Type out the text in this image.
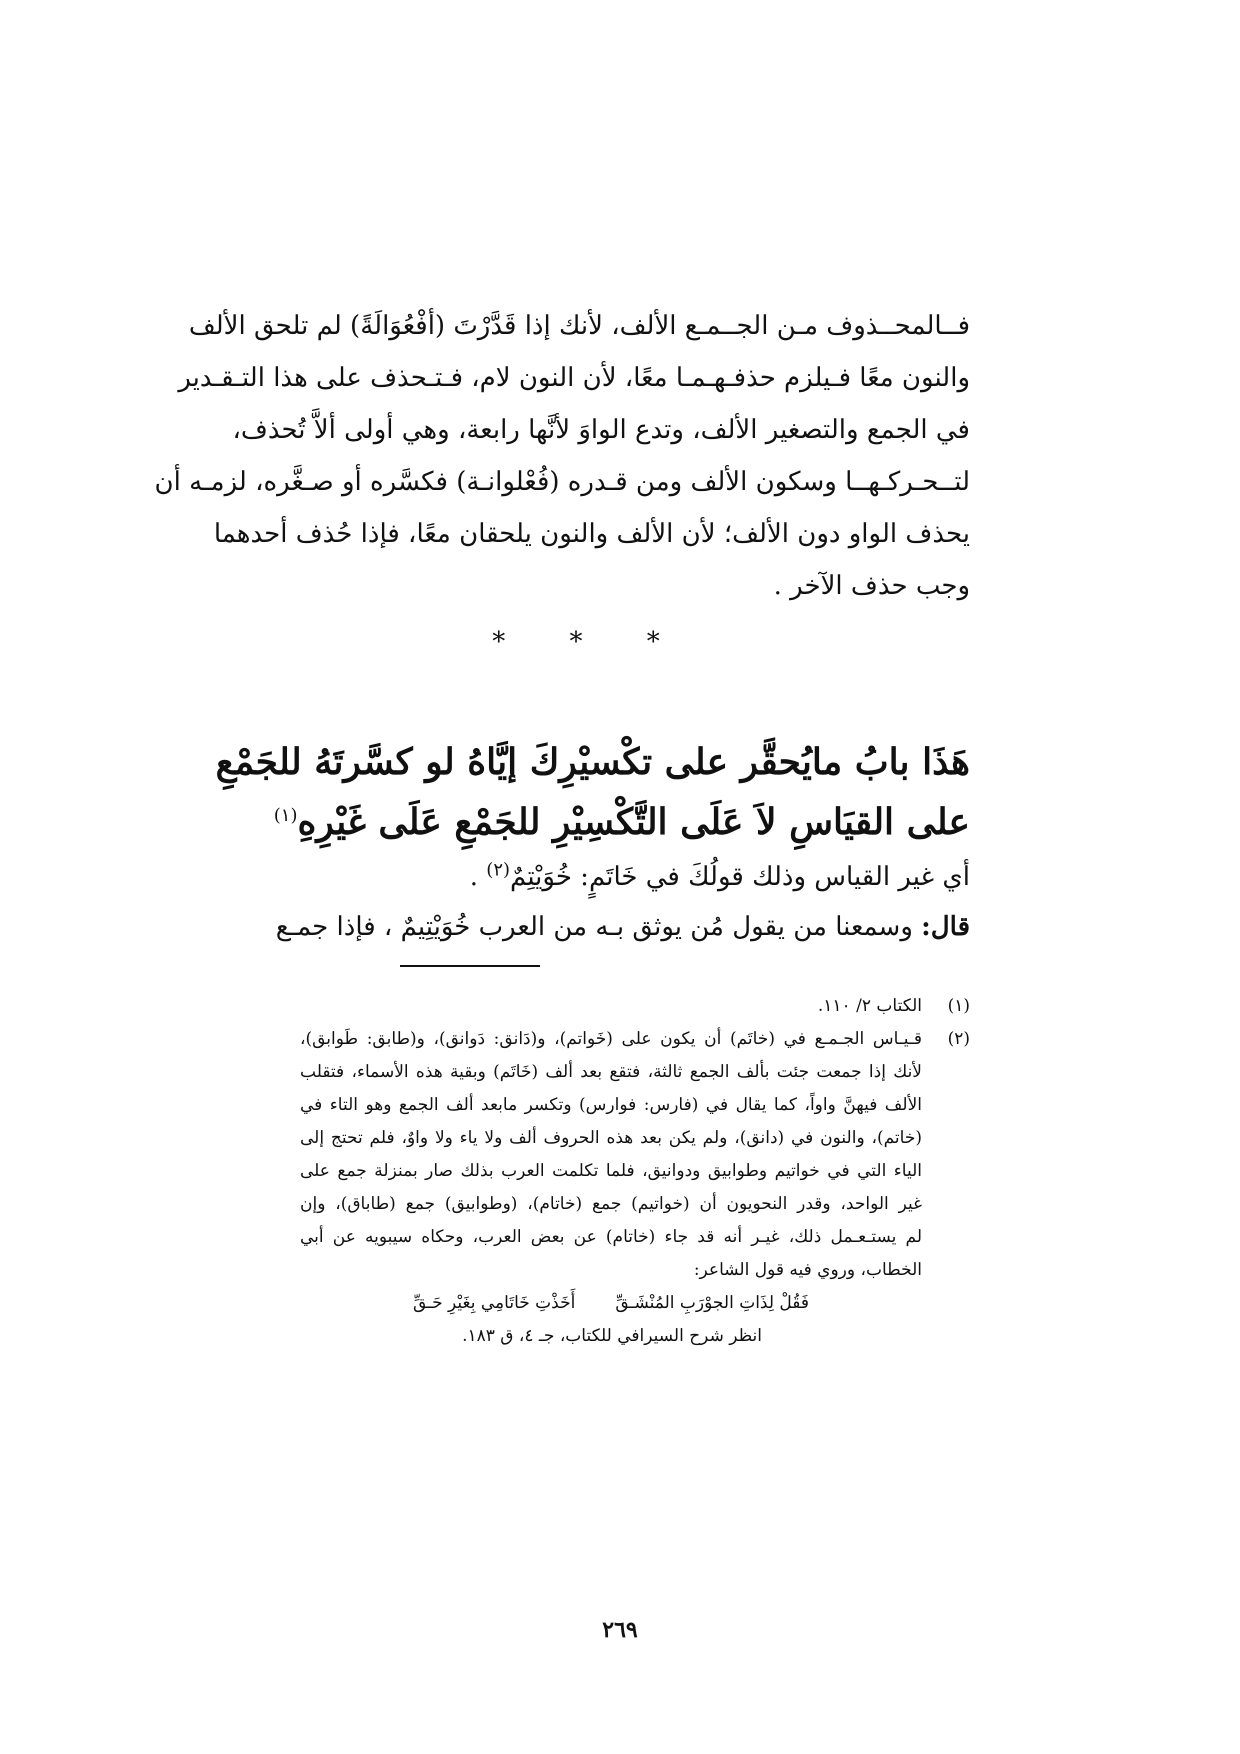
فــالمحــذوف مـن الجــمـع الألف، لأنك إذا قَدَّرْتَ (أفْعُوَالَةً) لم تلحق الألف
والنون معًا فـيلزم حذفـهـمـا معًا، لأن النون لام، فـتـحذف على هذا التـقـدير
في الجمع والتصغير الألف، وتدع الواوَ لأنَّها رابعة، وهي أولى ألاَّ تُحذف،
لتــحـركـهــا وسكون الألف ومن قـدره (فُعْلوانـة) فكسَّره أو صـغَّره، لزمـه أن
يحذف الواو دون الألف؛ لأن الألف والنون يلحقان معًا، فإذا حُذف أحدهما
وجب حذف الآخر .
* * *
هَذَا بابُ مايُحقَّر على تكْسيْرِكَ إيَّاهُ لو كسَّرتَهُ للجَمْعِ
على القيَاسِ لاَ عَلَى التَّكْسِيْرِ للجَمْعِ عَلَى غَيْرِهِ$^{(١)}$
أي غير القياس وذلك قولُكَ في خَاتَمٍ: خُوَيْتِمٌ$^{(٢)}$ .
قال: وسمعنا من يقول مُن يوثق بـه من العرب خُوَيْتِيمٌ ، فإذا جمـع
(١)
الكتاب ٢/ ١١٠.
(٢)
قـيـاس الجـمـع في (خاتَم) أن يكون على (خَواتم)، و(دَانق: دَوانق)، و(طابق: طَوابق)،
لأنك إذا جمعت جئت بألف الجمع ثالثة، فتقع بعد ألف (خَاتَم) وبقية هذه الأسماء، فتقلب
الألف فيهنَّ واواً، كما يقال في (فارس: فوارس) وتكسر مابعد ألف الجمع وهو التاء في
(خاتم)، والنون في (دانق)، ولم يكن بعد هذه الحروف ألف ولا ياء ولا واوٌ، فلم تحتج إلى
الياء التي في خواتيم وطوابيق ودوانيق، فلما تكلمت العرب بذلك صار بمنزلة جمع على
غير الواحد، وقدر النحويون أن (خواتيم) جمع (خاتام)، (وطوابيق) جمع (طاباق)، وإن
لم يستـعـمل ذلك، غيـر أنه قد جاء (خاتام) عن بعض العرب، وحكاه سيبويه عن أبي
الخطاب، وروي فيه قول الشاعر:
فَقُلْ لِذَاتِ الجوْرَبِ المُنْشَـقِّ
أَخَذْتِ خَاتَامِي بِغَيْرِ حَـقِّ
انظر شرح السيرافي للكتاب، جـ ٤، ق ١٨٣.
٢٦٩
